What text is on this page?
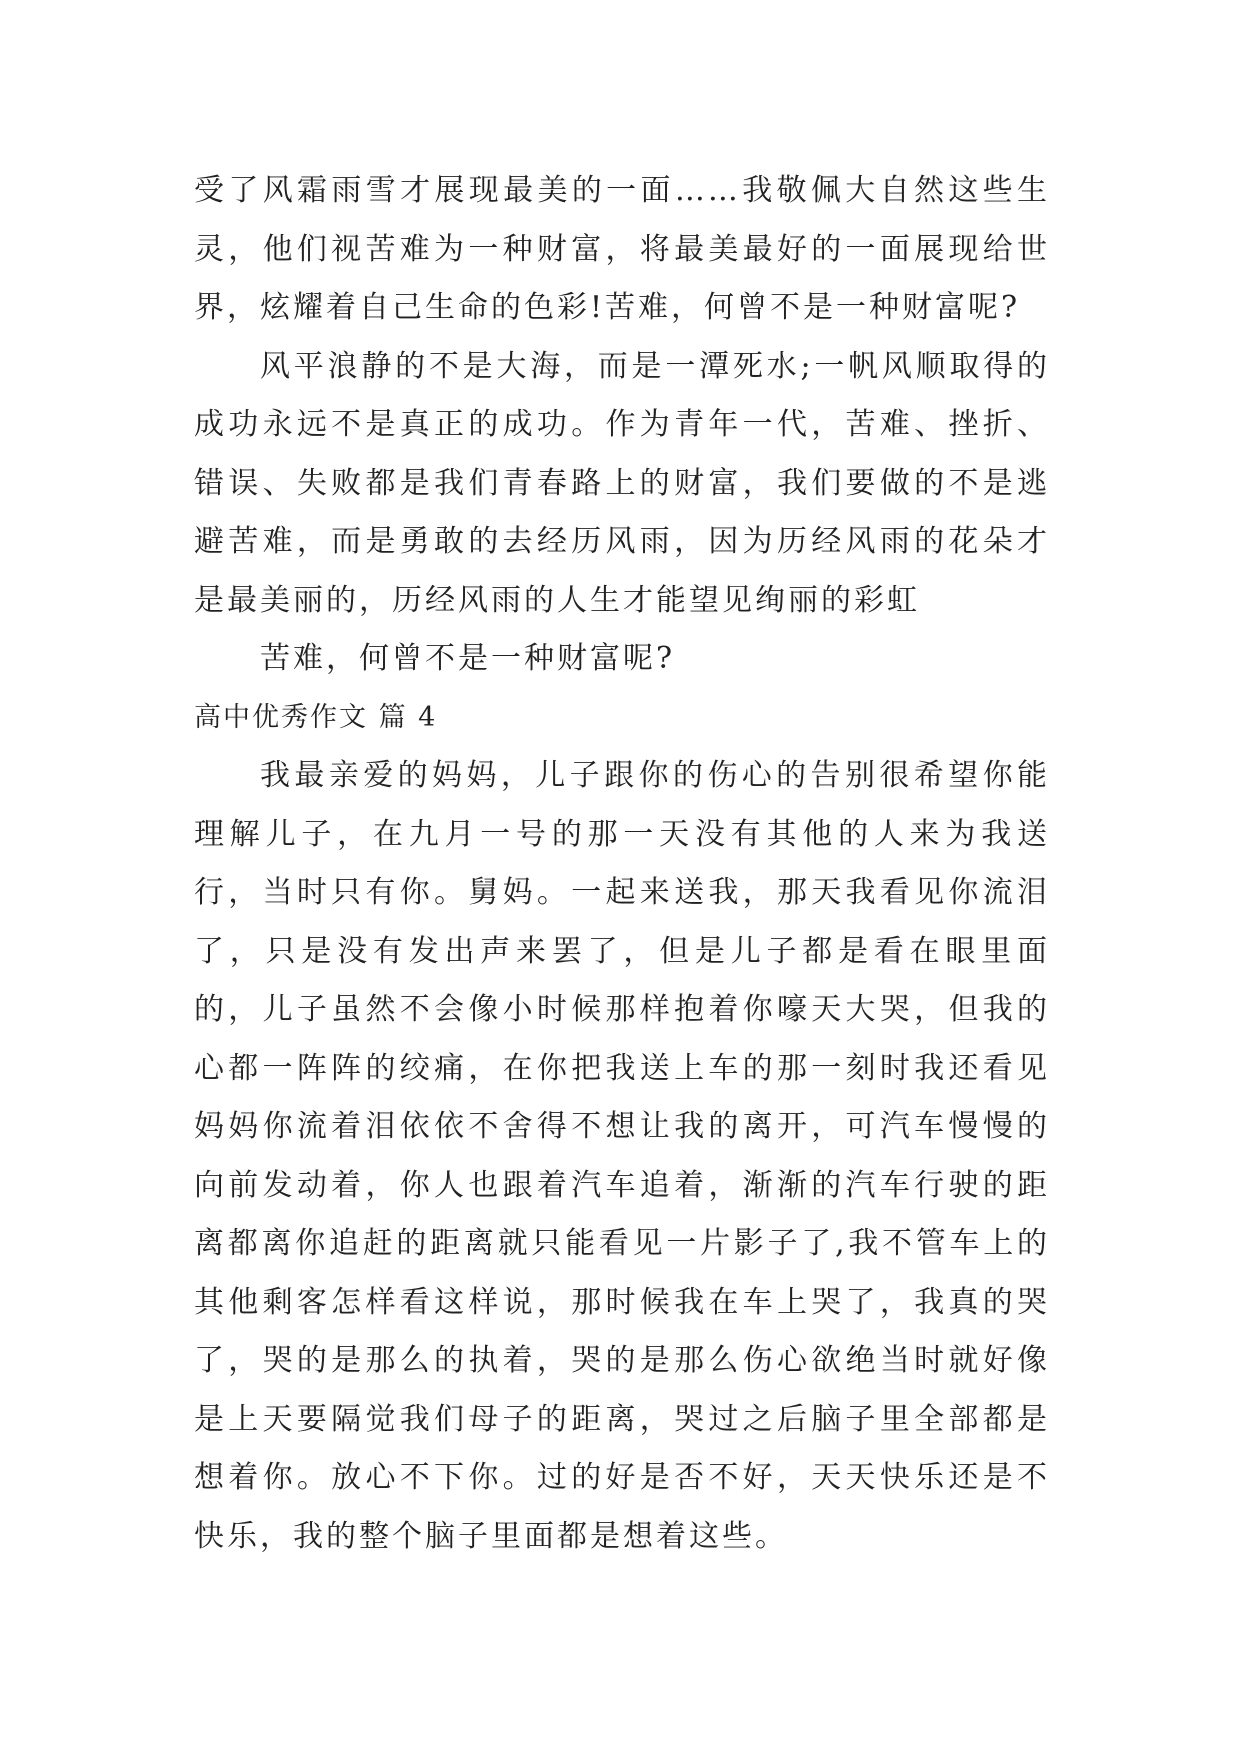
受了风霜雨雪才展现最美的一面……我敬佩大自然这些生灵，他们视苦难为一种财富，将最美最好的一面展现给世界，炫耀着自己生命的色彩!苦难，何曾不是一种财富呢?

风平浪静的不是大海，而是一潭死水;一帆风顺取得的成功永远不是真正的成功。作为青年一代，苦难、挫折、错误、失败都是我们青春路上的财富，我们要做的不是逃避苦难，而是勇敢的去经历风雨，因为历经风雨的花朵才是最美丽的，历经风雨的人生才能望见绚丽的彩虹

苦难，何曾不是一种财富呢?

高中优秀作文 篇 4

我最亲爱的妈妈，儿子跟你的伤心的告别很希望你能理解儿子，在九月一号的那一天没有其他的人来为我送行，当时只有你。舅妈。一起来送我，那天我看见你流泪了，只是没有发出声来罢了，但是儿子都是看在眼里面的，儿子虽然不会像小时候那样抱着你嚎天大哭，但我的心都一阵阵的绞痛，在你把我送上车的那一刻时我还看见妈妈你流着泪依依不舍得不想让我的离开，可汽车慢慢的向前发动着，你人也跟着汽车追着，渐渐的汽车行驶的距离都离你追赶的距离就只能看见一片影子了,我不管车上的其他剩客怎样看这样说，那时候我在车上哭了，我真的哭了，哭的是那么的执着，哭的是那么伤心欲绝当时就好像是上天要隔觉我们母子的距离，哭过之后脑子里全部都是想着你。放心不下你。过的好是否不好，天天快乐还是不快乐，我的整个脑子里面都是想着这些。
